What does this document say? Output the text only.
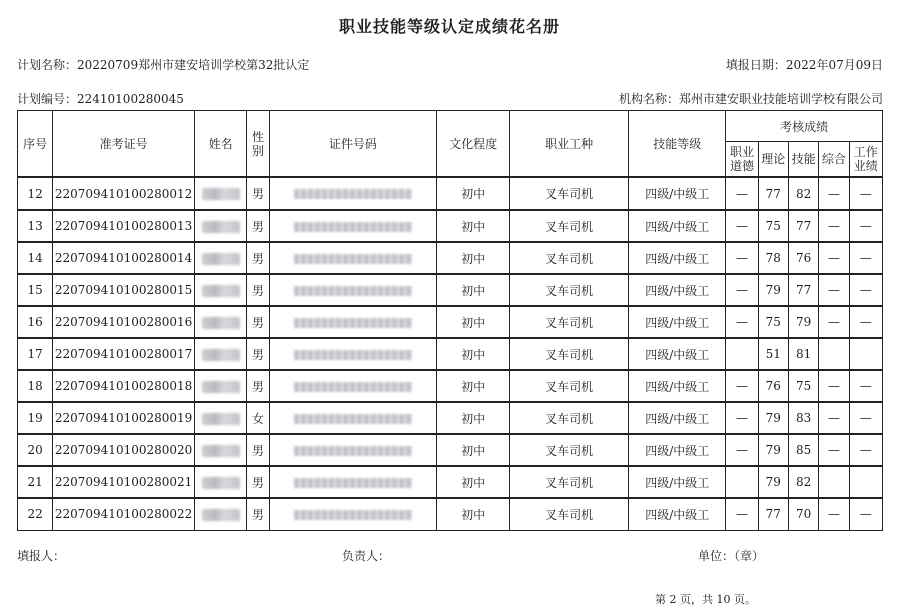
职业技能等级认定成绩花名册
计划名称：20220709郑州市建安培训学校第32批认定	填报日期：2022年07月09日
计划编号：22410100280045	机构名称：郑州市建安职业技能培训学校有限公司
序号	准考证号	姓名	性
别	证件号码	文化程度	职业工种	技能等级	考核成绩				
								职业
道德	理论	技能	综合	工作
业绩
12	220709410100280012		男		初中	叉车司机	四级/中级工	—	77	82	—	—
13	220709410100280013		男		初中	叉车司机	四级/中级工	—	75	77	—	—
14	220709410100280014		男		初中	叉车司机	四级/中级工	—	78	76	—	—
15	220709410100280015		男		初中	叉车司机	四级/中级工	—	79	77	—	—
16	220709410100280016		男		初中	叉车司机	四级/中级工	—	75	79	—	—
17	220709410100280017		男		初中	叉车司机	四级/中级工		51	81		
18	220709410100280018		男		初中	叉车司机	四级/中级工	—	76	75	—	—
19	220709410100280019		女		初中	叉车司机	四级/中级工	—	79	83	—	—
20	220709410100280020		男		初中	叉车司机	四级/中级工	—	79	85	—	—
21	220709410100280021		男		初中	叉车司机	四级/中级工		79	82		
22	220709410100280022		男		初中	叉车司机	四级/中级工	—	77	70	—	—
填报人：	负责人：	单位：（章）
第 2 页，共 10 页。
